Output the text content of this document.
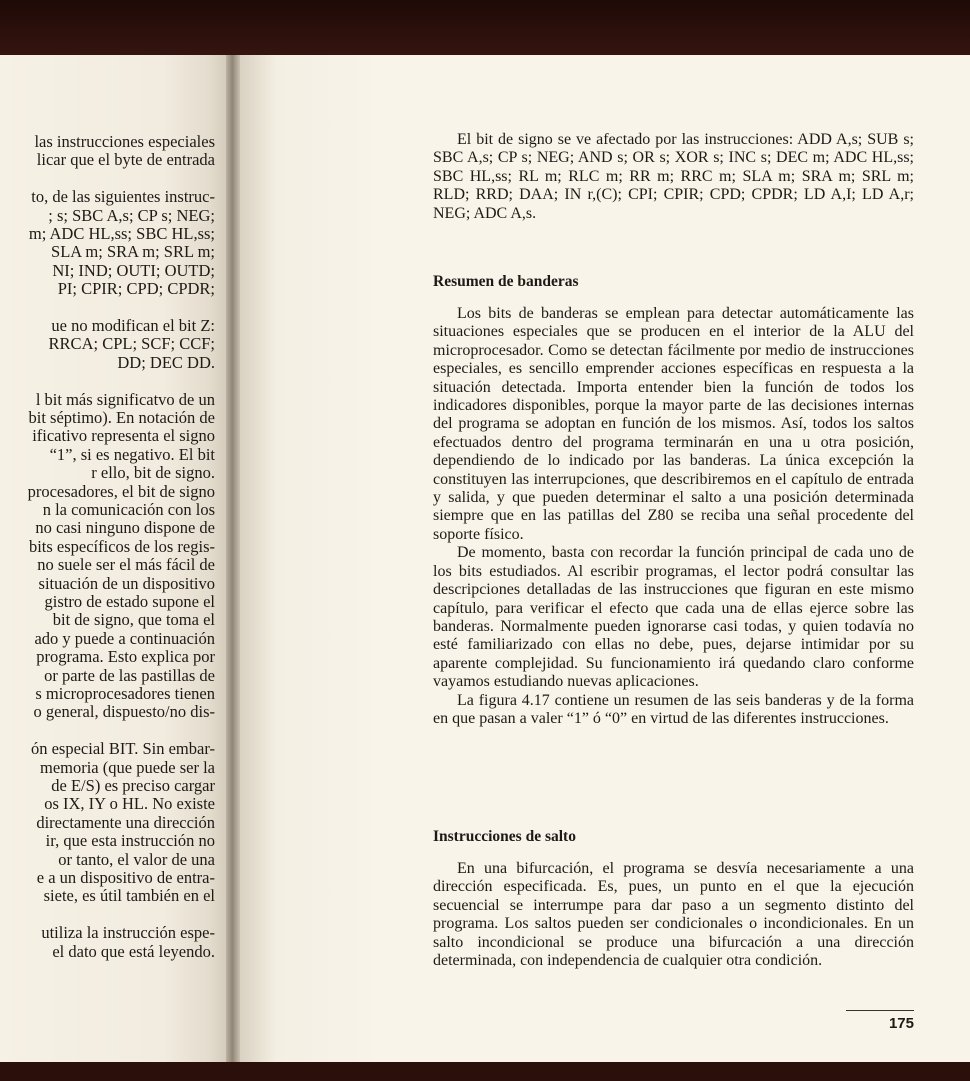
las instrucciones especiales
licar que el byte de entrada
to, de las siguientes instruc-
; s; SBC A,s; CP s; NEG;
m; ADC HL,ss; SBC HL,ss;
SLA m; SRA m; SRL m;
NI; IND; OUTI; OUTD;
PI; CPIR; CPD; CPDR;
ue no modifican el bit Z:
RRCA; CPL; SCF; CCF;
DD; DEC DD.
l bit más significatvo de un
bit séptimo). En notación de
ificativo representa el signo
“1”, si es negativo. El bit
r ello, bit de signo.
procesadores, el bit de signo
n la comunicación con los
no casi ninguno dispone de
bits específicos de los regis-
no suele ser el más fácil de
situación de un dispositivo
gistro de estado supone el
bit de signo, que toma el
ado y puede a continuación
programa. Esto explica por
or parte de las pastillas de
s microprocesadores tienen
o general, dispuesto/no dis-
ón especial BIT. Sin embar-
memoria (que puede ser la
de E/S) es preciso cargar
os IX, IY o HL. No existe
directamente una dirección
ir, que esta instrucción no
or tanto, el valor de una
e a un dispositivo de entra-
siete, es útil también en el
utiliza la instrucción espe-
el dato que está leyendo.

El bit de signo se ve afectado por las instrucciones: ADD A,s; SUB s; SBC A,s; CP s; NEG; AND s; OR s; XOR s; INC s; DEC m; ADC HL,ss; SBC HL,ss; RL m; RLC m; RR m; RRC m; SLA m; SRA m; SRL m; RLD; RRD; DAA; IN r,(C); CPI; CPIR; CPD; CPDR; LD A,I; LD A,r; NEG; ADC A,s.

Resumen de banderas

Los bits de banderas se emplean para detectar automáticamente las situaciones especiales que se producen en el interior de la ALU del microprocesador. Como se detectan fácilmente por medio de instrucciones especiales, es sencillo emprender acciones específicas en respuesta a la situación detectada. Importa entender bien la función de todos los indicadores disponibles, porque la mayor parte de las decisiones internas del programa se adoptan en función de los mismos. Así, todos los saltos efectuados dentro del programa terminarán en una u otra posición, dependiendo de lo indicado por las banderas. La única excepción la constituyen las interrupciones, que describiremos en el capítulo de entrada y salida, y que pueden determinar el salto a una posición determinada siempre que en las patillas del Z80 se reciba una señal procedente del soporte físico.

De momento, basta con recordar la función principal de cada uno de los bits estudiados. Al escribir programas, el lector podrá consultar las descripciones detalladas de las instrucciones que figuran en este mismo capítulo, para verificar el efecto que cada una de ellas ejerce sobre las banderas. Normalmente pueden ignorarse casi todas, y quien todavía no esté familiarizado con ellas no debe, pues, dejarse intimidar por su aparente complejidad. Su funcionamiento irá quedando claro conforme vayamos estudiando nuevas aplicaciones.

La figura 4.17 contiene un resumen de las seis banderas y de la forma en que pasan a valer “1” ó “0” en virtud de las diferentes instrucciones.

Instrucciones de salto

En una bifurcación, el programa se desvía necesariamente a una dirección especificada. Es, pues, un punto en el que la ejecución secuencial se interrumpe para dar paso a un segmento distinto del programa. Los saltos pueden ser condicionales o incondicionales. En un salto incondicional se produce una bifurcación a una dirección determinada, con independencia de cualquier otra condición.

175
